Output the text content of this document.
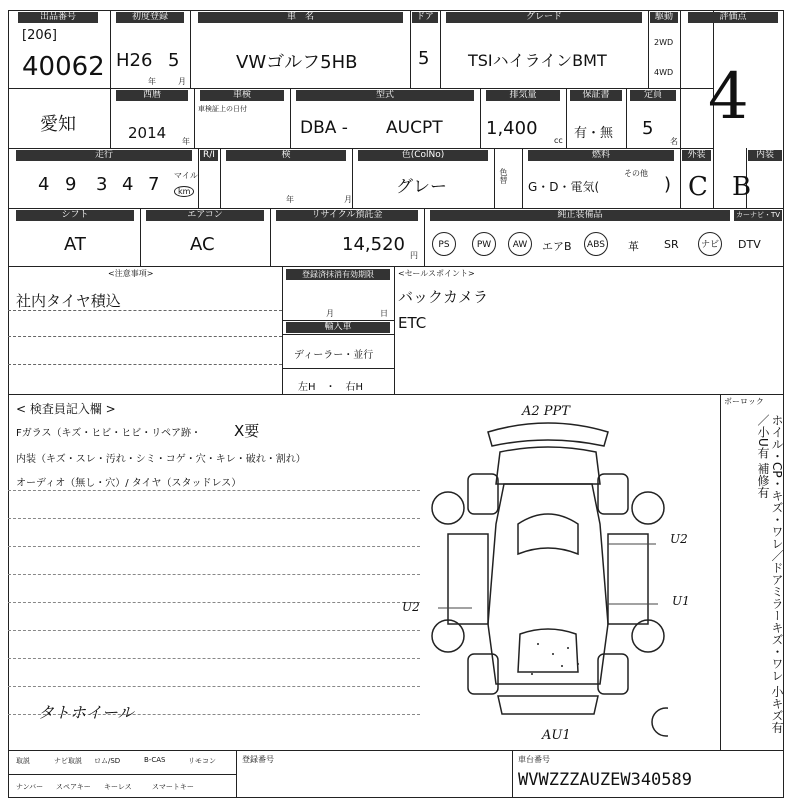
出品番号
[206]
40062
初度登録
H26 5
年	月
車　名
VWゴルフ5HB
ドア
5
グレード
TSIハイラインBMT
駆動
2WD
4WD
評価点
4
愛知
西暦
2014 年
車検
車検証上の日付
型式
DBA - AUCPT
排気量
1,400
cc
保証書
有・無
定員
5
名
走行
4 9 3 4 7 マイル
km
R/I	検
年	月
色(ColNo)
グレー
色替
燃料
G・D・電気(
その他
)
外装
C
内装
B
シフト
AT
エアコン
AC
リサイクル預託金
14,520
円
純正装備品	カーナビ・TV
PS	PW	AW	エアB	ABS 革 SR	ナビ DTV
<注意事項>
社内タイヤ積込
登録済抹消有効期限
月	日
輸入車
ディーラー・並行
左H　・　右H
<セールスポイント>
バックカメラ
ETC
< 検査員記入欄 >
Fガラス（キズ・ヒビ・ヒビ・リペア跡・ X要
内装（キズ・スレ・汚れ・シミ・コゲ・穴・キレ・破れ・割れ）
オーディオ（無し・穴）/ タイヤ（スタッドレス）
タトホイール
A2 PPT
AU1
U2
U1
U2
ボーロック
ホイル・CP・キズ・ワレ／ドアミラーキズ・ワレ 小キズ有／小U有 補修有
取説	ナビ取説 ロム/SD	B-CAS	リモコン
ナンバー スペアキー キーレス	スマートキー
登録番号	車台番号
WVWZZZAUZEW340589
